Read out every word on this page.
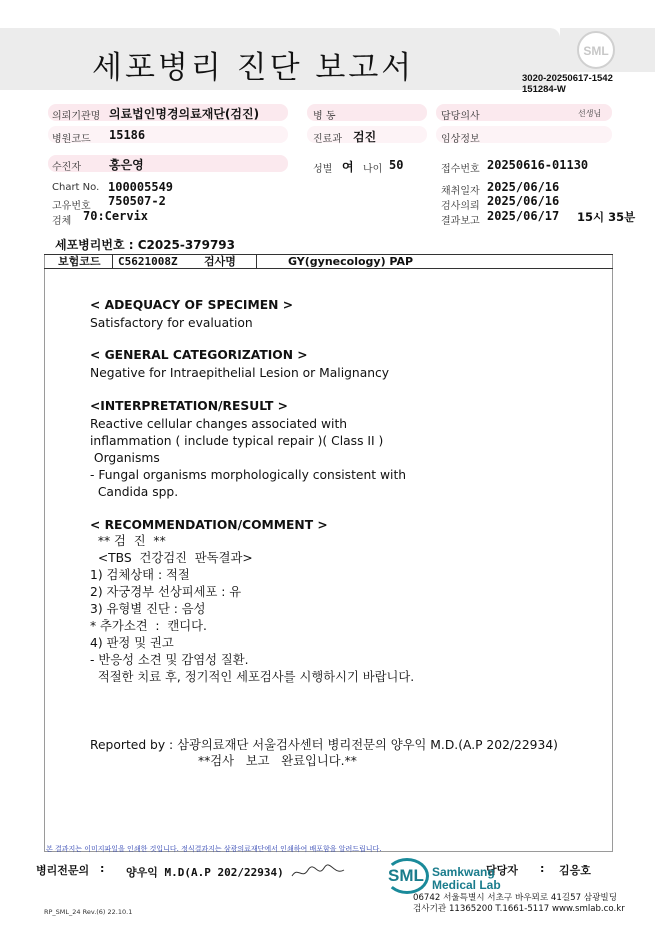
세포병리 진단 보고서	SML
3020-20250617-1542
151284-W
의뢰기관명 의료법인명경의료재단(검진)	병 동	담당의사	선생님
병원코드 15186	진료과 검진	임상정보
수진자 홍은영	성별 여 나이 50	접수번호 20250616-01130
Chart No. 100005549
고유번호 750507-2
검체 70:Cervix
채취일자 2025/06/16
검사의뢰 2025/06/16
결과보고 2025/06/17 15시 35분
세포병리번호 : C2025-379793
보험코드 C5621008Z 검사명	GY(gynecology) PAP
< ADEQUACY OF SPECIMEN >
Satisfactory for evaluation
< GENERAL CATEGORIZATION >
Negative for Intraepithelial Lesion or Malignancy
<INTERPRETATION/RESULT >
Reactive cellular changes associated with
inflammation ( include typical repair )( Class II )
Organisms
- Fungal organisms morphologically consistent with
Candida spp.
< RECOMMENDATION/COMMENT >
** 검  진  **
<TBS  건강검진  판독결과>
1) 검체상태 : 적절
2) 자궁경부 선상피세포 : 유
3) 유형별 진단 : 음성
* 추가소견  :  캔디다.
4) 판정 및 권고
- 반응성 소견 및 감염성 질환.
적절한 치료 후, 정기적인 세포검사를 시행하시기 바랍니다.
Reported by : 삼광의료재단 서울검사센터 병리전문의 양우익 M.D.(A.P 202/22934)
**검사   보고   완료입니다.**
본 결과지는 이미지파일을 인쇄한 것입니다. 정식결과지는 삼광의료재단에서 인쇄하여 배포함을 알려드립니다.
병리전문의 : 양우익 M.D(A.P 202/22934)	담당자 : 김응호
SML Samkwang
Medical Lab
06742 서울특별시 서초구 바우뫼로 41길57 삼광빌딩
검사기관 11365200 T.1661-5117 www.smlab.co.kr
RP_SML_24 Rev.(6) 22.10.1
